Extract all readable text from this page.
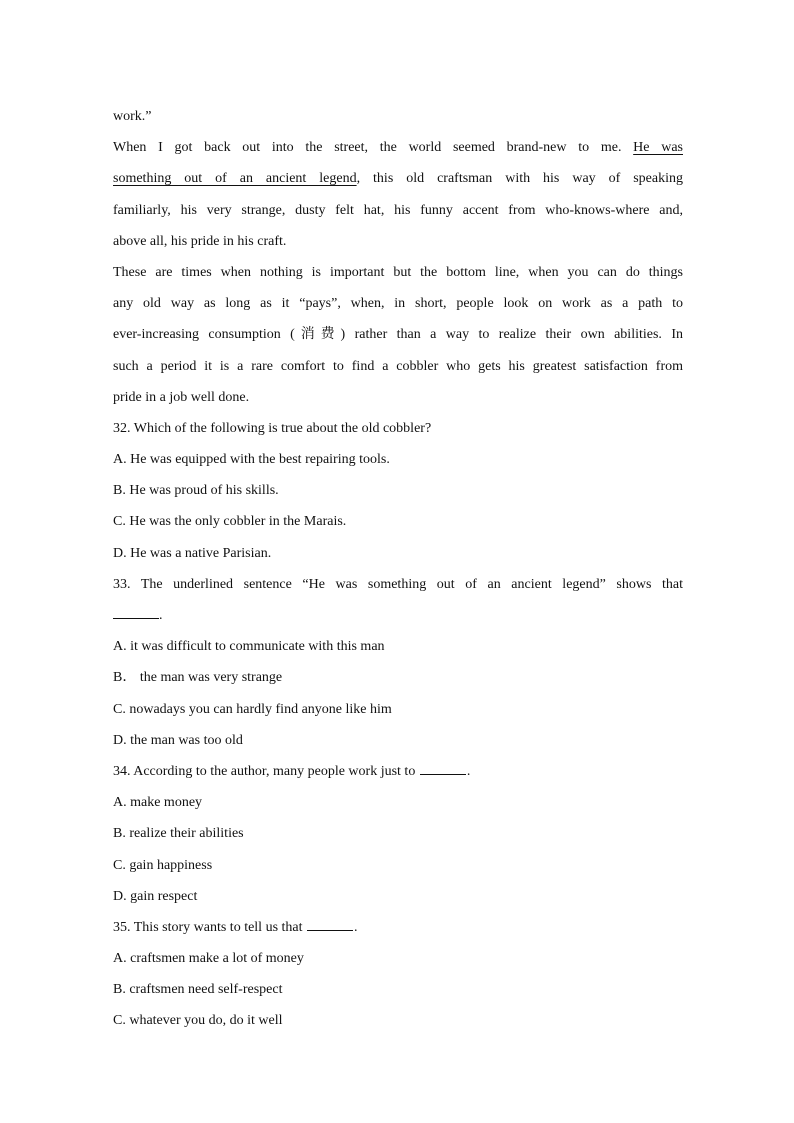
work.”
When I got back out into the street, the world seemed brand-new to me. He was
something out of an ancient legend, this old craftsman with his way of speaking
familiarly, his very strange, dusty felt hat, his funny accent from who-knows-where and,
above all, his pride in his craft.
These are times when nothing is important but the bottom line, when you can do things
any old way as long as it “pays”, when, in short, people look on work as a path to
ever-increasing consumption (消费) rather than a way to realize their own abilities. In
such a period it is a rare comfort to find a cobbler who gets his greatest satisfaction from
pride in a job well done.
32. Which of the following is true about the old cobbler?
A. He was equipped with the best repairing tools.
B. He was proud of his skills.
C. He was the only cobbler in the Marais.
D. He was a native Parisian.
33. The underlined sentence “He was something out of an ancient legend” shows that
.
A. it was difficult to communicate with this man
B． the man was very strange
C. nowadays you can hardly find anyone like him
D. the man was too old
34. According to the author, many people work just to	.
A. make money
B. realize their abilities
C. gain happiness
D. gain respect
35. This story wants to tell us that	.
A. craftsmen make a lot of money
B. craftsmen need self-respect
C. whatever you do, do it well
